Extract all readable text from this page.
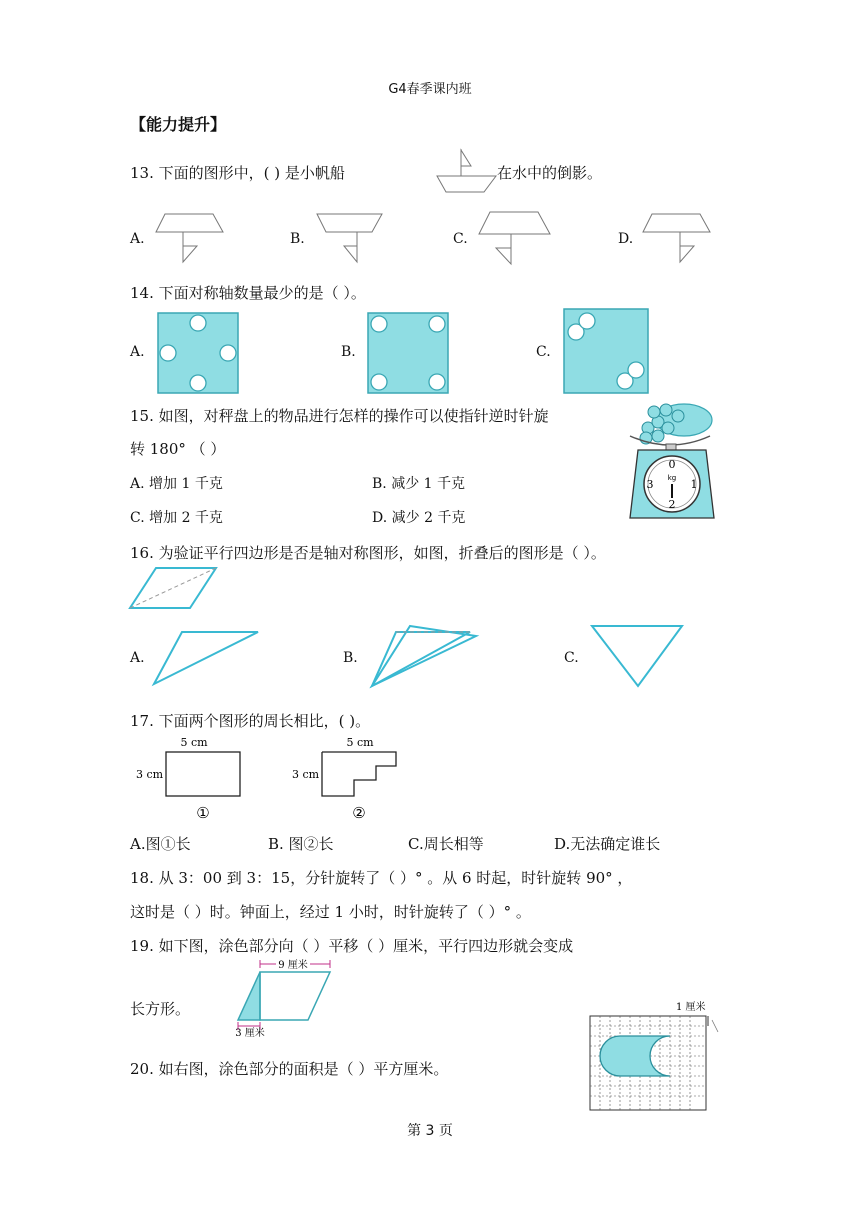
G4春季课内班
【能力提升】
13. 下面的图形中，( ) 是小帆船	在水中的倒影。
A.	B.	C.	D.
14. 下面对称轴数量最少的是（ ）。
A.	B.	C.
15. 如图，对秤盘上的物品进行怎样的操作可以使指针逆时针旋
转 180° （ ）
A. 增加 1 千克	B. 减少 1 千克
C. 增加 2 千克	D. 减少 2 千克
0
1
2
3 kg
16. 为验证平行四边形是否是轴对称图形，如图，折叠后的图形是（ ）。
A.	B.	C.
17. 下面两个图形的周长相比，( )。
5 cm
3 cm
①
5 cm
3 cm
②
A.图①长	B. 图②长	C.周长相等	D.无法确定谁长
18. 从 3：00 到 3：15，分针旋转了（ ）° 。从 6 时起，时针旋转 90° ，
这时是（ ）时。钟面上，经过 1 小时，时针旋转了（ ）° 。
19. 如下图，涂色部分向（ ）平移（ ）厘米，平行四边形就会变成
长方形。
9 厘米
3 厘米
20. 如右图，涂色部分的面积是（ ）平方厘米。
1 厘米
第 3 页
